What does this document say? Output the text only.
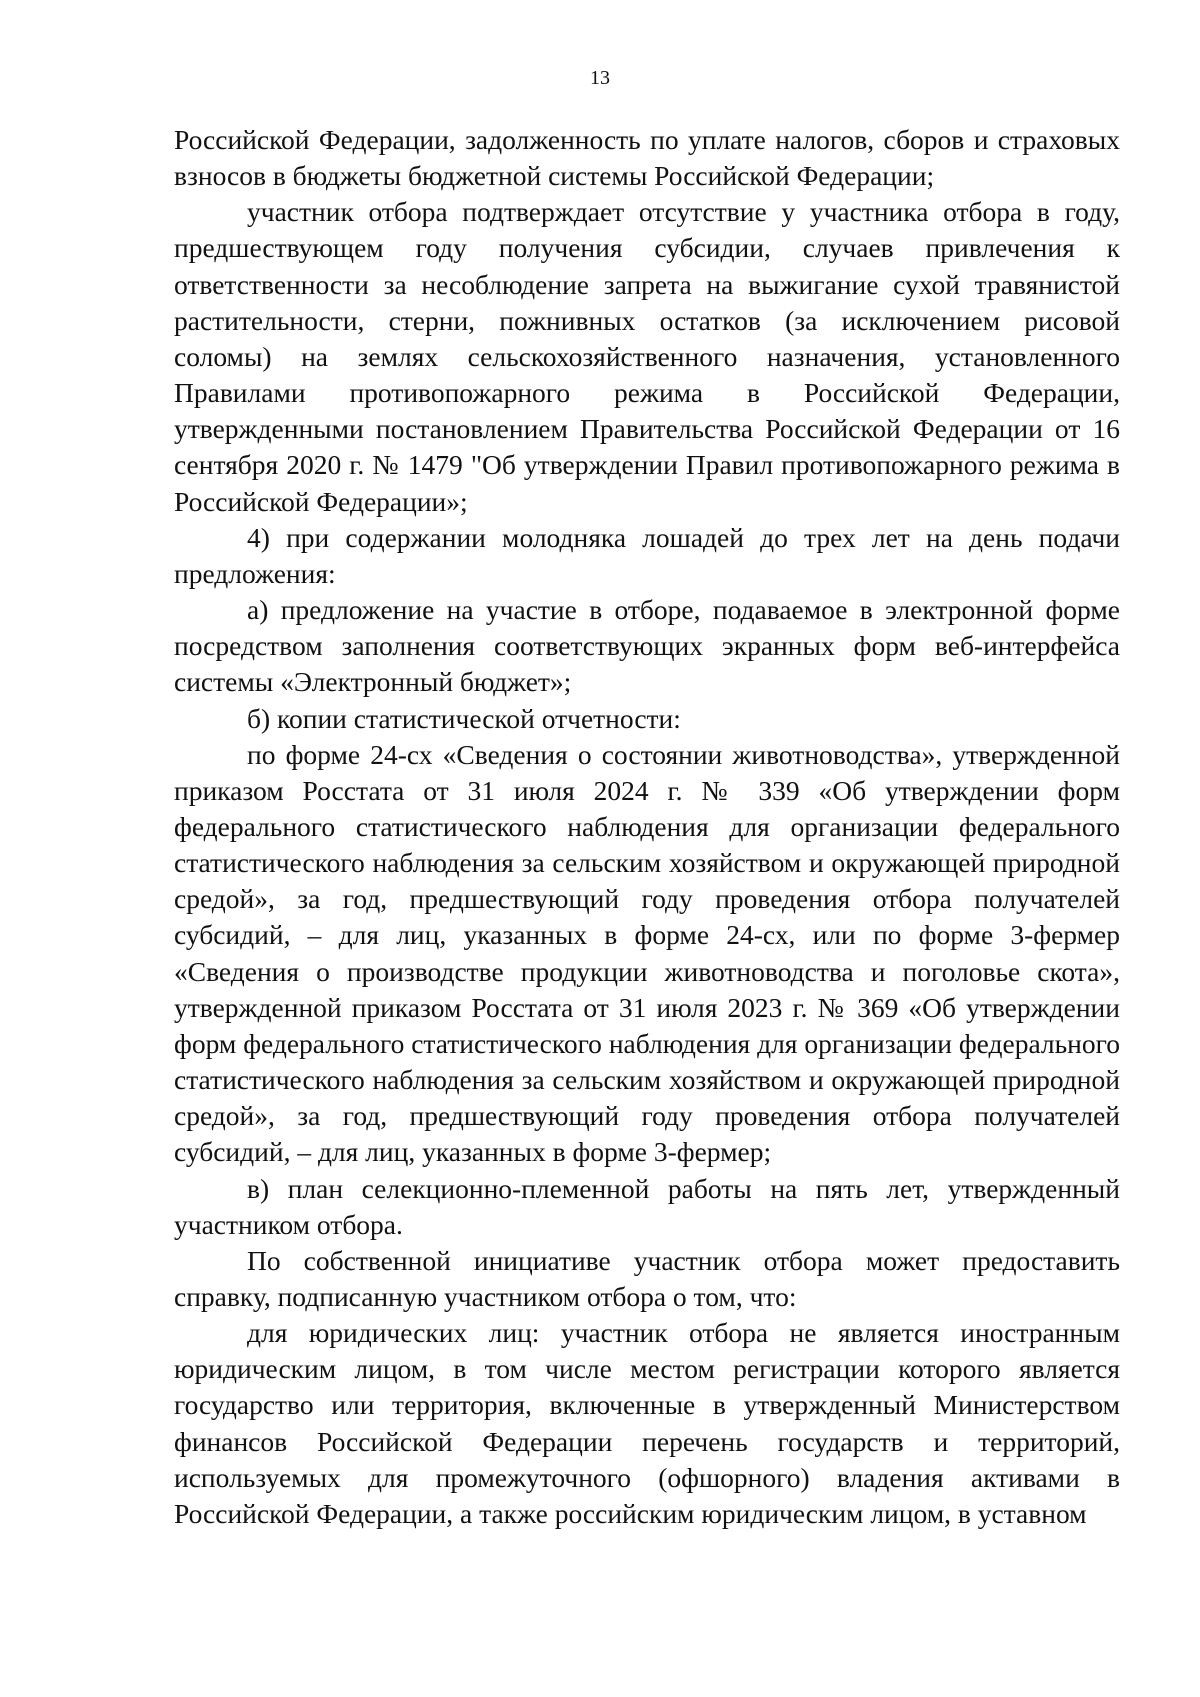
13

Российской Федерации, задолженность по уплате налогов, сборов и страховых взносов в бюджеты бюджетной системы Российской Федерации;

участник отбора подтверждает отсутствие у участника отбора в году, предшествующем году получения субсидии, случаев привлечения к ответственности за несоблюдение запрета на выжигание сухой травянистой растительности, стерни, пожнивных остатков (за исключением рисовой соломы) на землях сельскохозяйственного назначения, установленного Правилами противопожарного режима в Российской Федерации, утвержденными постановлением Правительства Российской Федерации от 16 сентября 2020 г. № 1479 "Об утверждении Правил противопожарного режима в Российской Федерации»;

4) при содержании молодняка лошадей до трех лет на день подачи предложения:

а) предложение на участие в отборе, подаваемое в электронной форме посредством заполнения соответствующих экранных форм веб-интерфейса системы «Электронный бюджет»;

б) копии статистической отчетности:

по форме 24-сх «Сведения о состоянии животноводства», утвержденной приказом Росстата от 31 июля 2024 г. № 339 «Об утверждении форм федерального статистического наблюдения для организации федерального статистического наблюдения за сельским хозяйством и окружающей природной средой», за год, предшествующий году проведения отбора получателей субсидий, – для лиц, указанных в форме 24-сх, или по форме 3-фермер «Сведения о производстве продукции животноводства и поголовье скота», утвержденной приказом Росстата от 31 июля 2023 г. № 369 «Об утверждении форм федерального статистического наблюдения для организации федерального статистического наблюдения за сельским хозяйством и окружающей природной средой», за год, предшествующий году проведения отбора получателей субсидий, – для лиц, указанных в форме 3-фермер;

в) план селекционно-племенной работы на пять лет, утвержденный участником отбора.

По собственной инициативе участник отбора может предоставить справку, подписанную участником отбора о том, что:

для юридических лиц: участник отбора не является иностранным юридическим лицом, в том числе местом регистрации которого является государство или территория, включенные в утвержденный Министерством финансов Российской Федерации перечень государств и территорий, используемых для промежуточного (офшорного) владения активами в Российской Федерации, а также российским юридическим лицом, в уставном
